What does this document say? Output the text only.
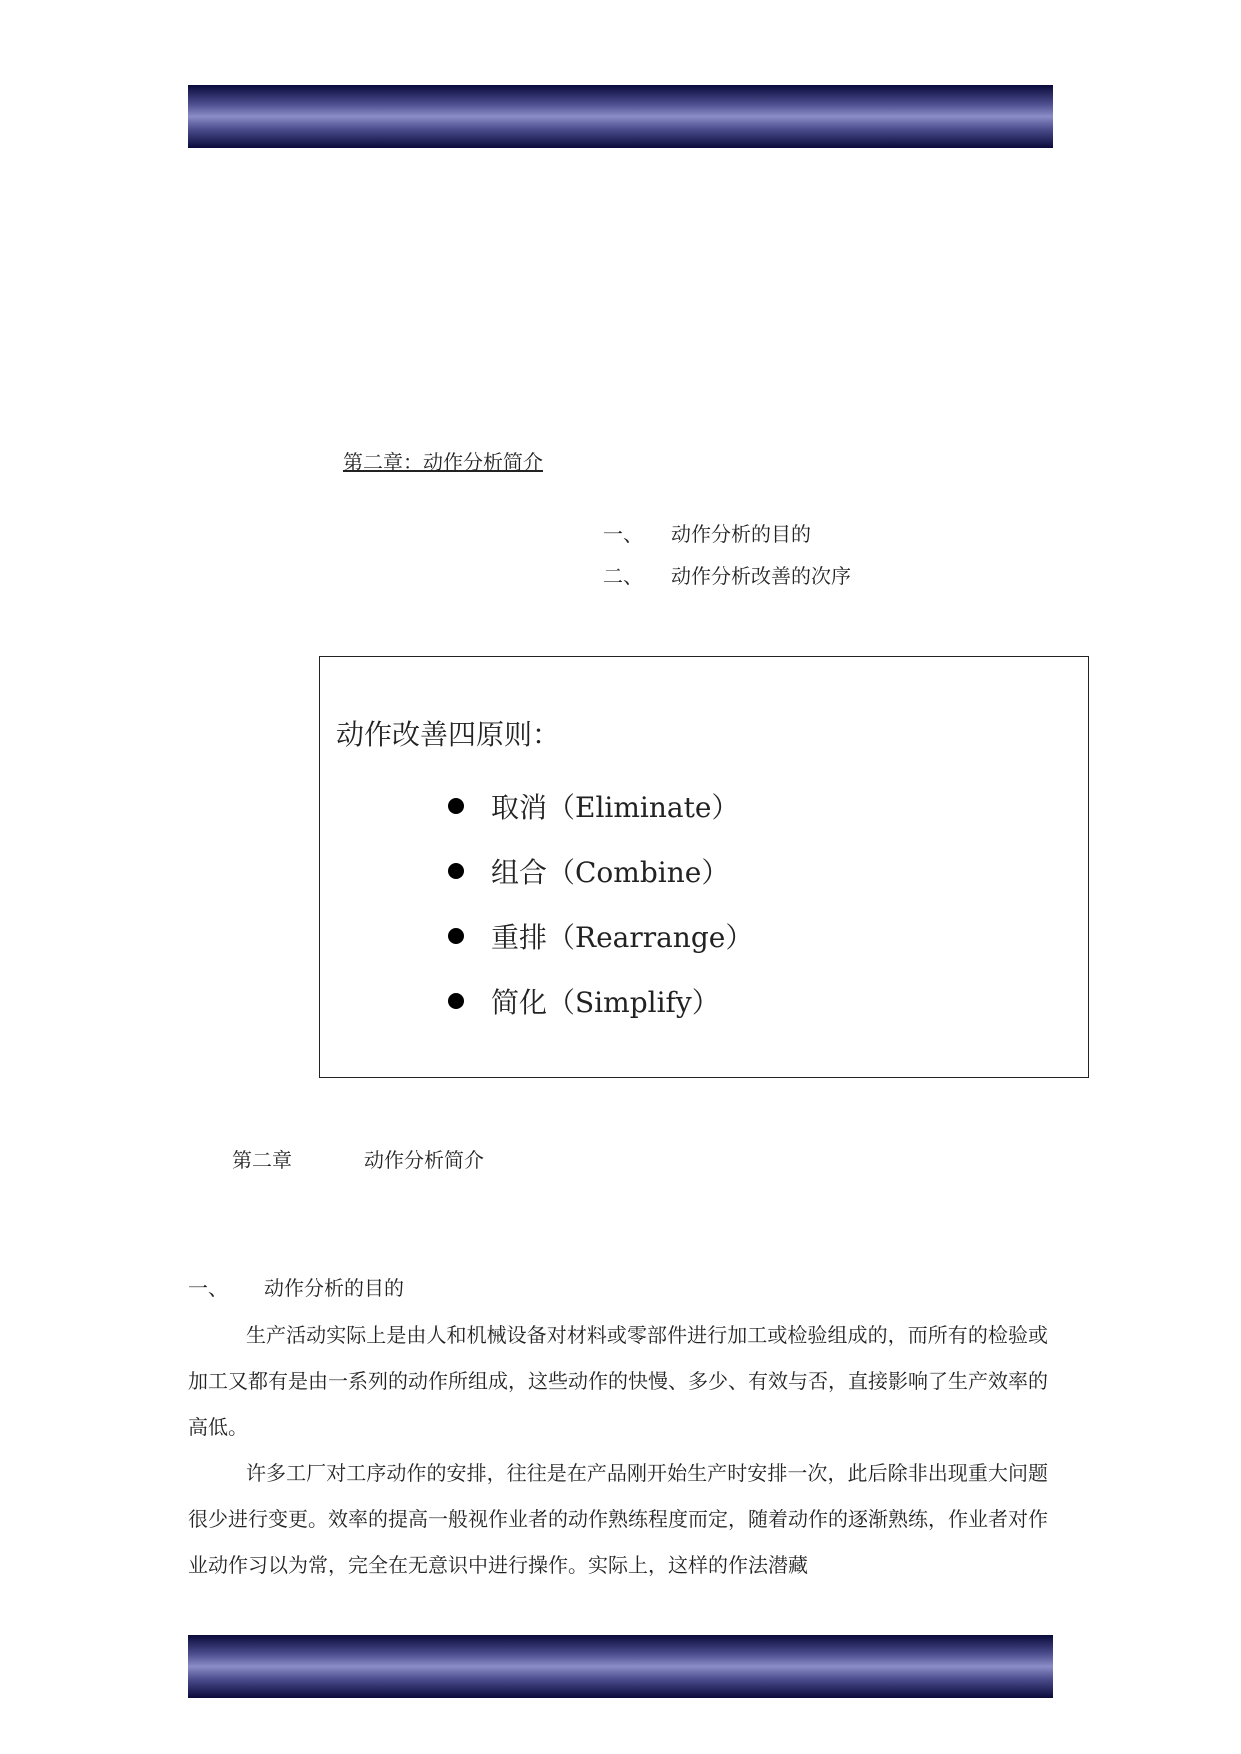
第二章：动作分析简介
一、	动作分析的目的
二、	动作分析改善的次序
动作改善四原则：
取消（Eliminate）
组合（Combine）
重排（Rearrange）
简化（Simplify）
第二章	动作分析简介
一、	动作分析的目的

生产活动实际上是由人和机械设备对材料或零部件进行加工或检验组成的，而所有的检验或加工又都有是由一系列的动作所组成，这些动作的快慢、多少、有效与否，直接影响了生产效率的高低。

许多工厂对工序动作的安排，往往是在产品刚开始生产时安排一次，此后除非出现重大问题很少进行变更。效率的提高一般视作业者的动作熟练程度而定，随着动作的逐渐熟练，作业者对作业动作习以为常，完全在无意识中进行操作。实际上，这样的作法潜藏
